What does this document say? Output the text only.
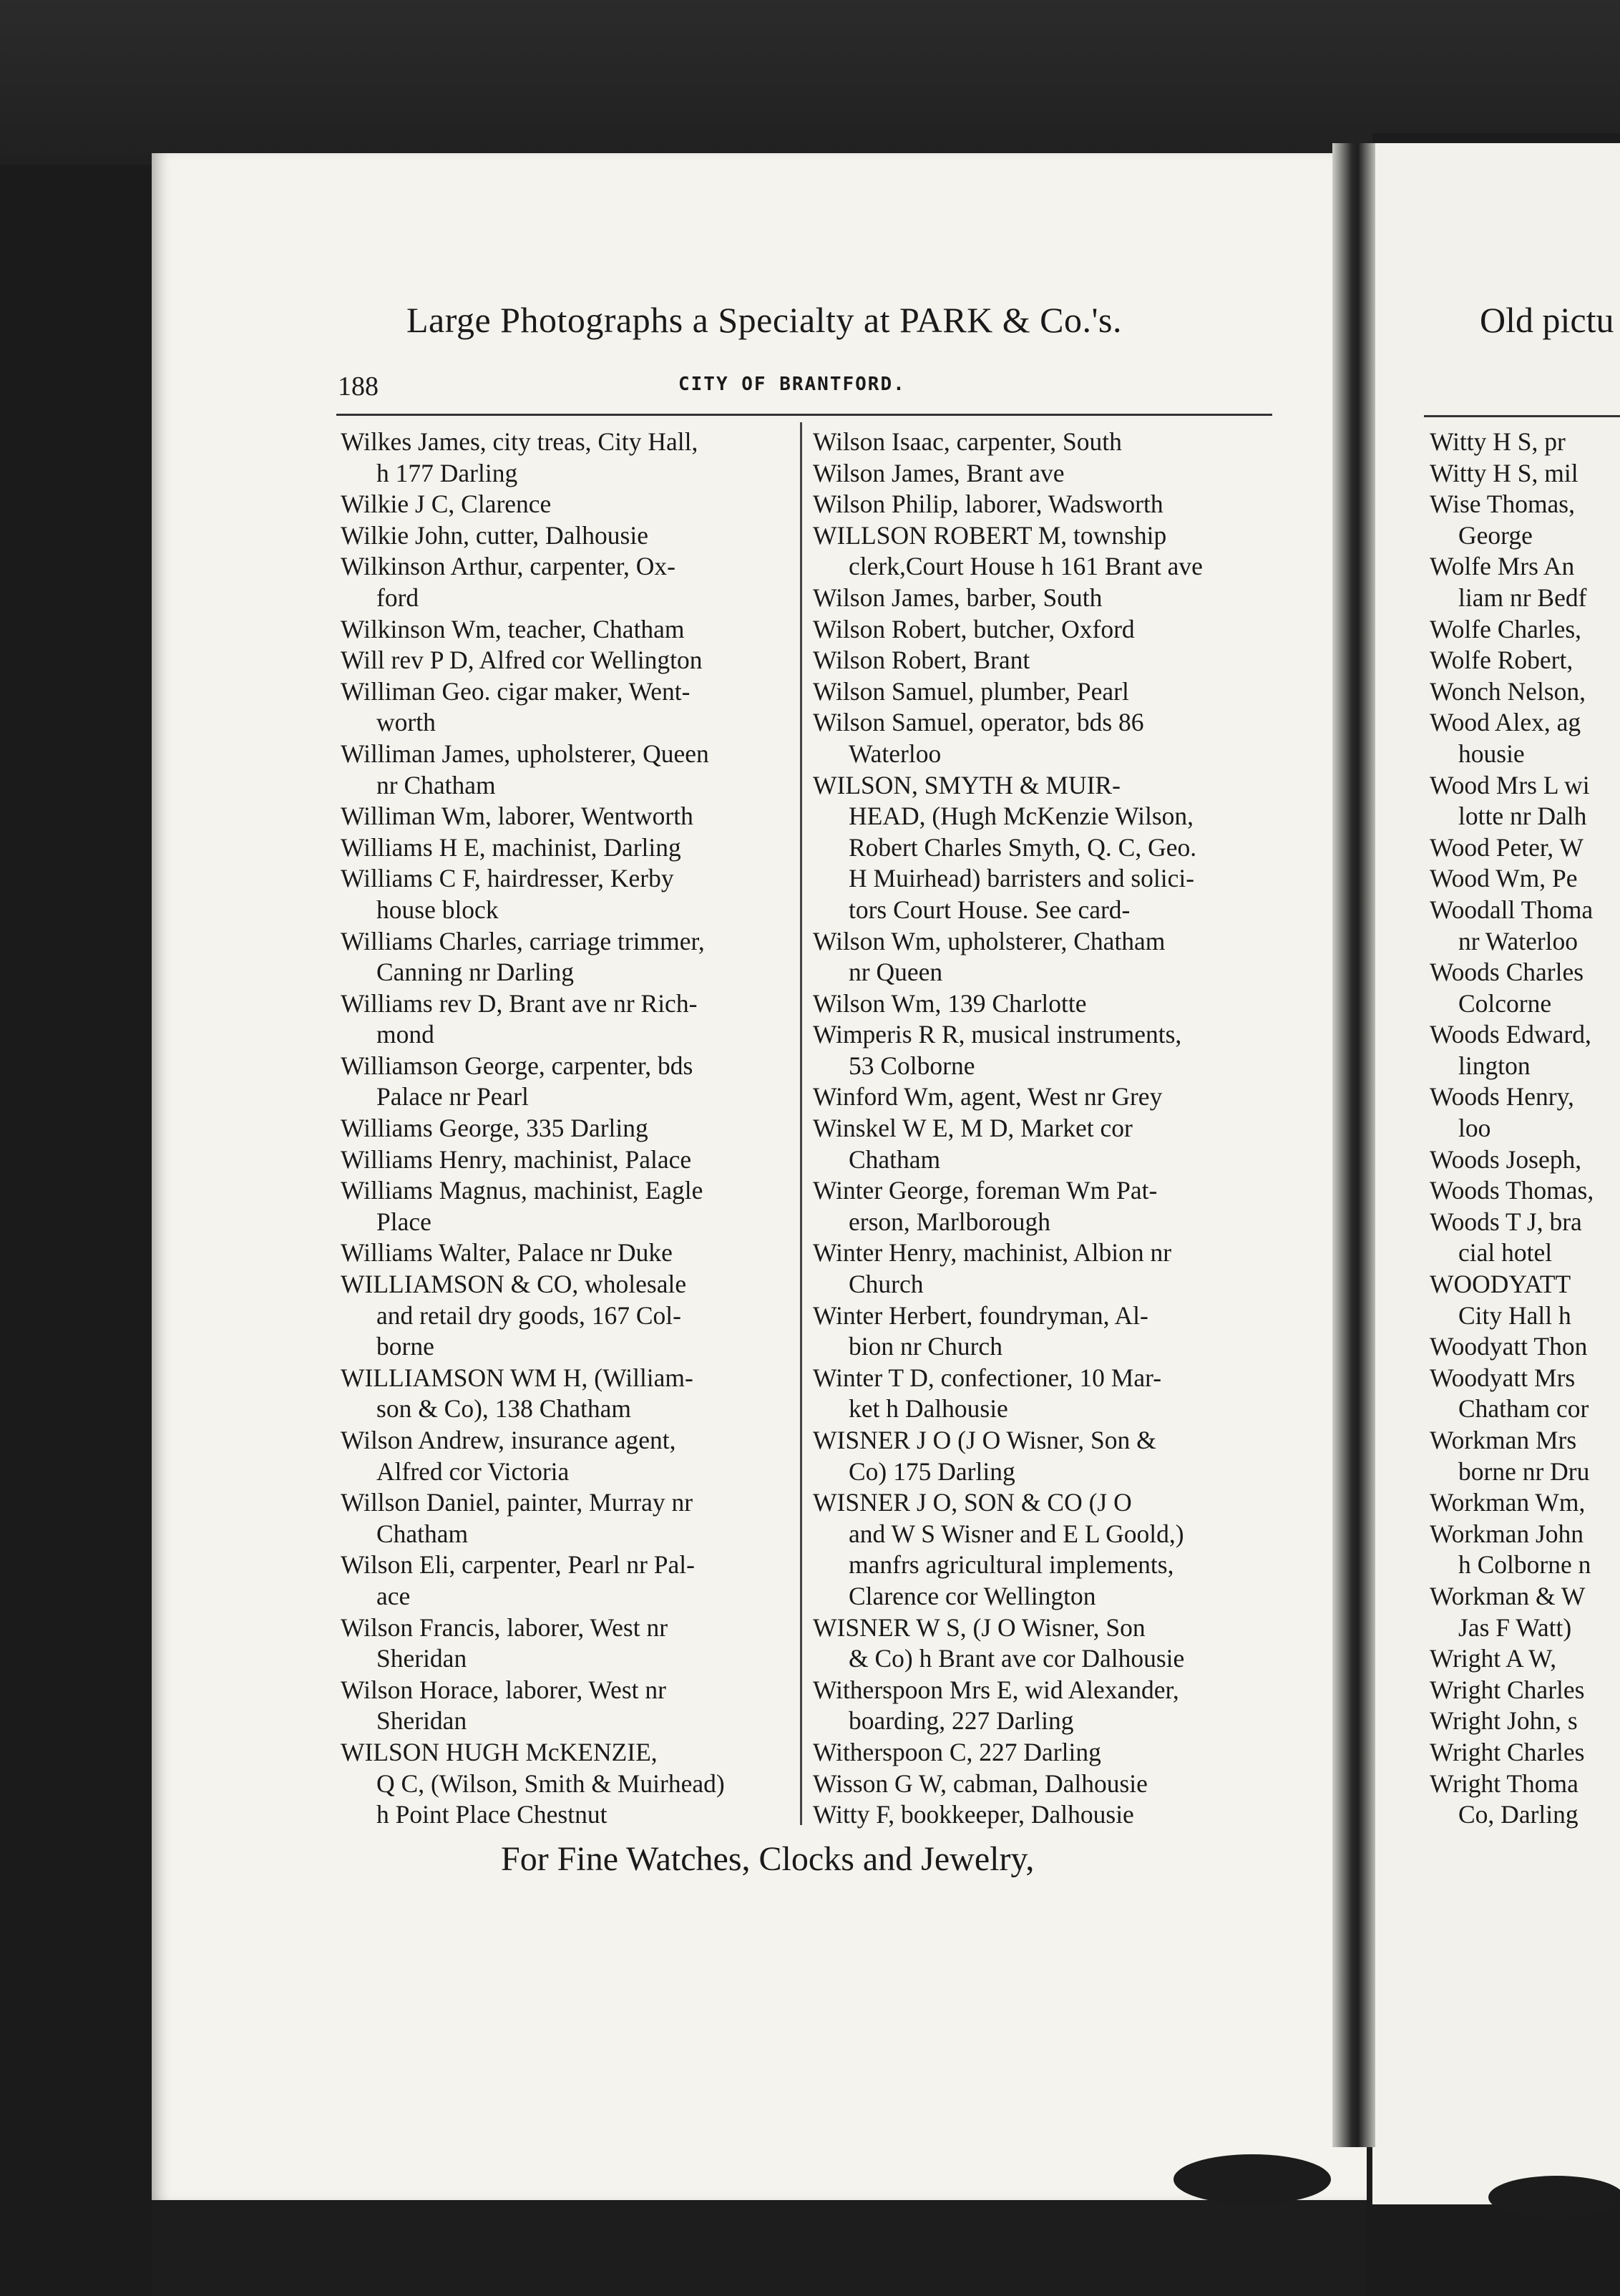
Large Photographs a Specialty at PARK & Co.'s.
188	CITY OF BRANTFORD.
Wilkes James, city treas, City Hall,
h 177 Darling
Wilkie J C, Clarence
Wilkie John, cutter, Dalhousie
Wilkinson Arthur, carpenter, Ox-
ford
Wilkinson Wm, teacher, Chatham
Will rev P D, Alfred cor Wellington
Williman Geo. cigar maker, Went-
worth
Williman James, upholsterer, Queen
nr Chatham
Williman Wm, laborer, Wentworth
Williams H E, machinist, Darling
Williams C F, hairdresser, Kerby
house block
Williams Charles, carriage trimmer,
Canning nr Darling
Williams rev D, Brant ave nr Rich-
mond
Williamson George, carpenter, bds
Palace nr Pearl
Williams George, 335 Darling
Williams Henry, machinist, Palace
Williams Magnus, machinist, Eagle
Place
Williams Walter, Palace nr Duke
WILLIAMSON & CO, wholesale
and retail dry goods, 167 Col-
borne
WILLIAMSON WM H, (William-
son & Co), 138 Chatham
Wilson Andrew, insurance agent,
Alfred cor Victoria
Willson Daniel, painter, Murray nr
Chatham
Wilson Eli, carpenter, Pearl nr Pal-
ace
Wilson Francis, laborer, West nr
Sheridan
Wilson Horace, laborer, West nr
Sheridan
WILSON HUGH McKENZIE,
Q C, (Wilson, Smith & Muirhead)
h Point Place Chestnut
Wilson Isaac, carpenter, South
Wilson James, Brant ave
Wilson Philip, laborer, Wadsworth
WILLSON ROBERT M, township
clerk,Court House h 161 Brant ave
Wilson James, barber, South
Wilson Robert, butcher, Oxford
Wilson Robert, Brant
Wilson Samuel, plumber, Pearl
Wilson Samuel, operator, bds 86
Waterloo
WILSON, SMYTH & MUIR-
HEAD, (Hugh McKenzie Wilson,
Robert Charles Smyth, Q. C, Geo.
H Muirhead) barristers and solici-
tors Court House. See card-
Wilson Wm, upholsterer, Chatham
nr Queen
Wilson Wm, 139 Charlotte
Wimperis R R, musical instruments,
53 Colborne
Winford Wm, agent, West nr Grey
Winskel W E, M D, Market cor
Chatham
Winter George, foreman Wm Pat-
erson, Marlborough
Winter Henry, machinist, Albion nr
Church
Winter Herbert, foundryman, Al-
bion nr Church
Winter T D, confectioner, 10 Mar-
ket h Dalhousie
WISNER J O (J O Wisner, Son &
Co) 175 Darling
WISNER J O, SON & CO (J O
and W S Wisner and E L Goold,)
manfrs agricultural implements,
Clarence cor Wellington
WISNER W S, (J O Wisner, Son
& Co) h Brant ave cor Dalhousie
Witherspoon Mrs E, wid Alexander,
boarding, 227 Darling
Witherspoon C, 227 Darling
Wisson G W, cabman, Dalhousie
Witty F, bookkeeper, Dalhousie
For Fine Watches, Clocks and Jewelry,
Old pictu
Witty H S, pr
Witty H S, mil
Wise Thomas,
George
Wolfe Mrs An
liam nr Bedf
Wolfe Charles,
Wolfe Robert,
Wonch Nelson,
Wood Alex, ag
housie
Wood Mrs L wi
lotte nr Dalh
Wood Peter, W
Wood Wm, Pe
Woodall Thoma
nr Waterloo
Woods Charles
Colcorne
Woods Edward,
lington
Woods Henry,
loo
Woods Joseph,
Woods Thomas,
Woods T J, bra
cial hotel
WOODYATT
City Hall h
Woodyatt Thon
Woodyatt Mrs
Chatham cor
Workman Mrs
borne nr Dru
Workman Wm,
Workman John
h Colborne n
Workman & W
Jas F Watt)
Wright A W,
Wright Charles
Wright John, s
Wright Charles
Wright Thoma
Co, Darling
